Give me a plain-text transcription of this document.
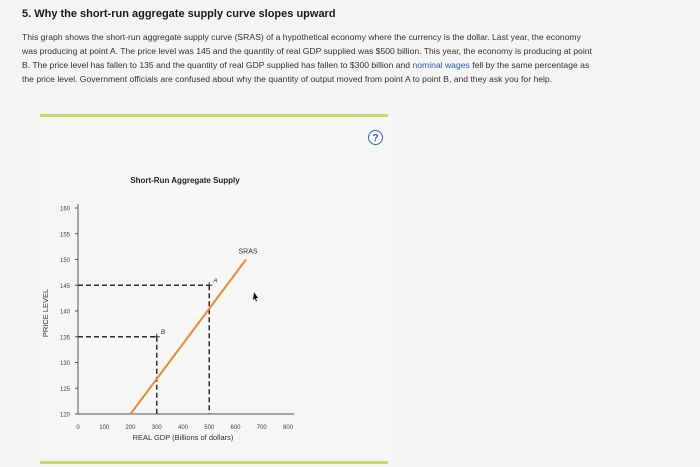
5. Why the short-run aggregate supply curve slopes upward
This graph shows the short-run aggregate supply curve (SRAS) of a hypothetical economy where the currency is the dollar. Last year, the economy
was producing at point A. The price level was 145 and the quantity of real GDP supplied was $500 billion. This year, the economy is producing at point
B. The price level has fallen to 135 and the quantity of real GDP supplied has fallen to $300 billion and nominal wages fell by the same percentage as
the price level. Government officials are confused about why the quantity of output moved from point A to point B, and they ask you for help.
?
Short-Run Aggregate Supply
PRICE LEVEL
REAL GDP (Billions of dollars)
120
125
130
135
140
145
150
155
160
0	100	200	300	400	500	600	700	800
SRAS
A
B
